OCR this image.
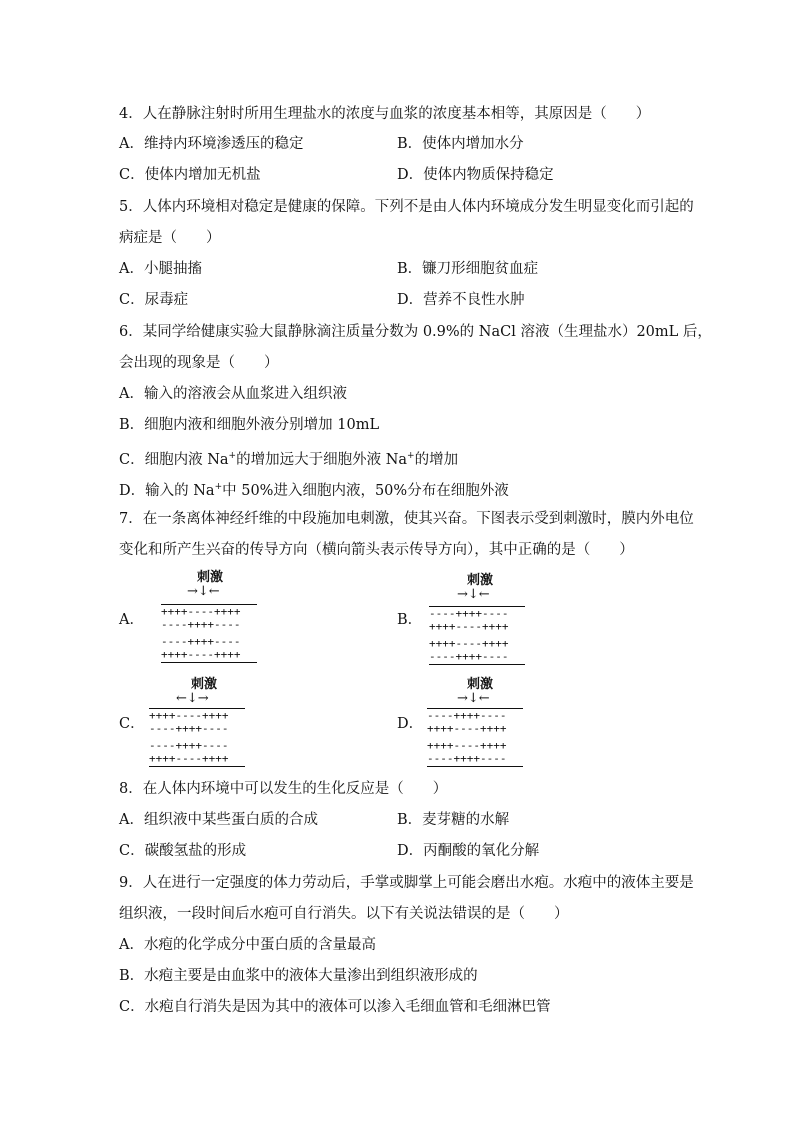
4．人在静脉注射时所用生理盐水的浓度与血浆的浓度基本相等，其原因是（　　）
A．维持内环境渗透压的稳定	B．使体内增加水分
C．使体内增加无机盐	D．使体内物质保持稳定
5．人体内环境相对稳定是健康的保障。下列不是由人体内环境成分发生明显变化而引起的
病症是（　　）
A．小腿抽搐	B．镰刀形细胞贫血症
C．尿毒症	D．营养不良性水肿
6．某同学给健康实验大鼠静脉滴注质量分数为 0.9%的 NaCl 溶液（生理盐水）20mL 后，
会出现的现象是（　　）
A．输入的溶液会从血浆进入组织液
B．细胞内液和细胞外液分别增加 10mL
C．细胞内液 Na+的增加远大于细胞外液 Na+的增加
D．输入的 Na+中 50%进入细胞内液，50%分布在细胞外液
7．在一条离体神经纤维的中段施加电刺激，使其兴奋。下图表示受到刺激时，膜内外电位
变化和所产生兴奋的传导方向（横向箭头表示传导方向），其中正确的是（　　）
A．
刺激
→↓←
++++----++++
----++++----
----++++----
++++----++++
B．
刺激
→↓←
----++++----
++++----++++
++++----++++
----++++----
C．
刺激
←↓→
++++----++++
----++++----
----++++----
++++----++++
D．
刺激
→↓←
----++++----
++++----++++
++++----++++
----++++----
8．在人体内环境中可以发生的生化反应是（　　）
A．组织液中某些蛋白质的合成	B．麦芽糖的水解
C．碳酸氢盐的形成	D．丙酮酸的氧化分解
9．人在进行一定强度的体力劳动后，手掌或脚掌上可能会磨出水疱。水疱中的液体主要是
组织液，一段时间后水疱可自行消失。以下有关说法错误的是（　　）
A．水疱的化学成分中蛋白质的含量最高
B．水疱主要是由血浆中的液体大量渗出到组织液形成的
C．水疱自行消失是因为其中的液体可以渗入毛细血管和毛细淋巴管
